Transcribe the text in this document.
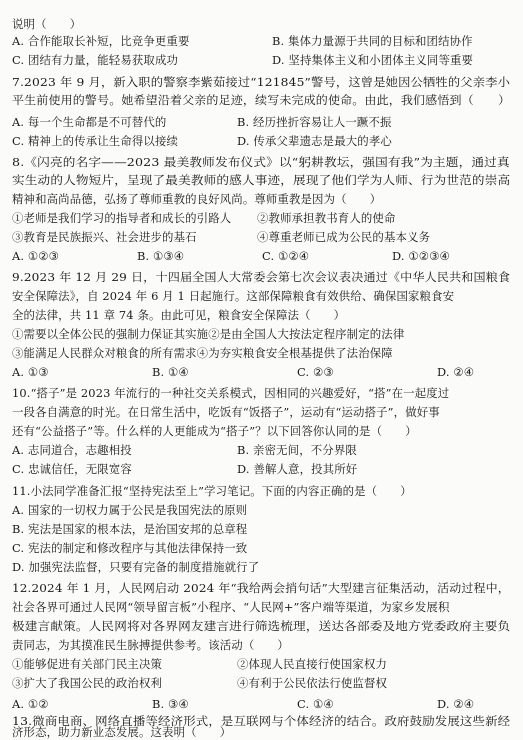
说明（　　）
A. 合作能取长补短，比竞争更重要	B. 集体力量源于共同的目标和团结协作
C. 团结有力量，能轻易获取成功	D. 坚持集体主义和小团体主义同等重要
7.2023 年 9 月，新入职的警察李紫茹接过“121845”警号，这曾是她因公牺牲的父亲李小
平生前使用的警号。她希望沿着父亲的足迹，续写未完成的使命。由此，我们感悟到（　　）
A. 每一个生命都是不可替代的	B. 经历挫折容易让人一蹶不振
C. 精神上的传承让生命得以接续	D. 传承父辈遗志是最大的孝心
8.《闪亮的名字——2023 最美教师发布仪式》以“躬耕教坛，强国有我”为主题，通过真
实生动的人物短片，呈现了最美教师的感人事迹，展现了他们学为人师、行为世范的崇高
精神和高尚品德，弘扬了尊师重教的良好风尚。尊师重教是因为（　　）
①老师是我们学习的指导者和成长的引路人 ②教师承担教书育人的使命
③教育是民族振兴、社会进步的基石	④尊重老师已成为公民的基本义务
A. ①②③	B. ①③④	C. ①②④	D. ①②③④
9.2023 年 12 月 29 日，十四届全国人大常委会第七次会议表决通过《中华人民共和国粮食
安全保障法》，自 2024 年 6 月 1 日起施行。这部保障粮食有效供给、确保国家粮食安
全的法律，共 11 章 74 条。由此可见，粮食安全保障法（　　）
①需要以全体公民的强制力保证其实施②是由全国人大按法定程序制定的法律
③能满足人民群众对粮食的所有需求④为夯实粮食安全根基提供了法治保障
A. ①③	B. ①④	C. ②③	D. ②④
10.“搭子”是 2023 年流行的一种社交关系模式，因相同的兴趣爱好，“搭”在一起度过
一段各自满意的时光。在日常生活中，吃饭有“饭搭子”，运动有“运动搭子”，做好事
还有“公益搭子”等。什么样的人更能成为“搭子”？以下回答你认同的是（　　）
A. 志同道合，志趣相投	B. 亲密无间，不分界限
C. 忠诚信任，无限宽容	D. 善解人意，投其所好
11.小法同学准备汇报“坚持宪法至上”学习笔记。下面的内容正确的是（　　）
A. 国家的一切权力属于公民是我国宪法的原则
B. 宪法是国家的根本法，是治国安邦的总章程
C. 宪法的制定和修改程序与其他法律保持一致
D. 加强宪法监督，只要有完备的制度措施就行了
12.2024 年 1 月，人民网启动 2024 年“我给两会捎句话”大型建言征集活动，活动过程中，
社会各界可通过人民网“领导留言板”小程序、“人民网+”客户端等渠道，为家乡发展积
极建言献策。人民网将对各界网友建言进行筛选梳理，送达各部委及地方党委政府主要负
责同志，为其摸准民生脉搏提供参考。该活动（　　）
①能够促进有关部门民主决策	②体现人民直接行使国家权力
③扩大了我国公民的政治权利	④有利于公民依法行使监督权
A. ①②	B. ③④	C. ①④	D. ②④
13.微商电商、网络直播等经济形式，是互联网与个体经济的结合。政府鼓励发展这些新经
济形态，助力新业态发展。这表明（　　）
